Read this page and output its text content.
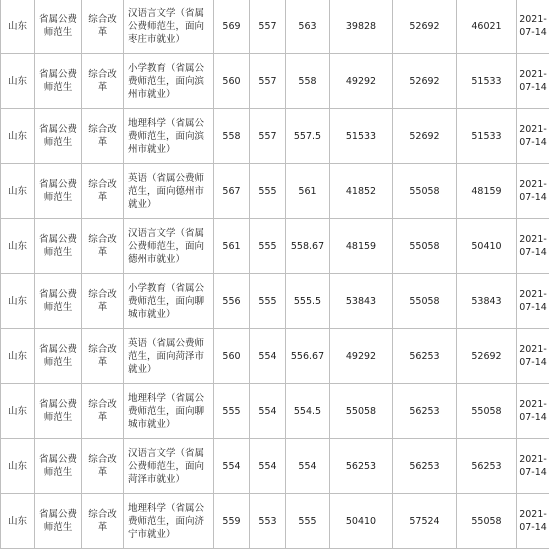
山东	省属公费师范生	综合改革	汉语言文学（省属公费师范生，面向枣庄市就业）	569	557	563	39828	52692	46021	2021-07-14
山东	省属公费师范生	综合改革	小学教育（省属公费师范生，面向滨州市就业）	560	557	558	49292	52692	51533	2021-07-14
山东	省属公费师范生	综合改革	地理科学（省属公费师范生，面向滨州市就业）	558	557	557.5	51533	52692	51533	2021-07-14
山东	省属公费师范生	综合改革	英语（省属公费师范生，面向德州市就业）	567	555	561	41852	55058	48159	2021-07-14
山东	省属公费师范生	综合改革	汉语言文学（省属公费师范生，面向德州市就业）	561	555	558.67	48159	55058	50410	2021-07-14
山东	省属公费师范生	综合改革	小学教育（省属公费师范生，面向聊城市就业）	556	555	555.5	53843	55058	53843	2021-07-14
山东	省属公费师范生	综合改革	英语（省属公费师范生，面向菏泽市就业）	560	554	556.67	49292	56253	52692	2021-07-14
山东	省属公费师范生	综合改革	地理科学（省属公费师范生，面向聊城市就业）	555	554	554.5	55058	56253	55058	2021-07-14
山东	省属公费师范生	综合改革	汉语言文学（省属公费师范生，面向菏泽市就业）	554	554	554	56253	56253	56253	2021-07-14
山东	省属公费师范生	综合改革	地理科学（省属公费师范生，面向济宁市就业）	559	553	555	50410	57524	55058	2021-07-14
